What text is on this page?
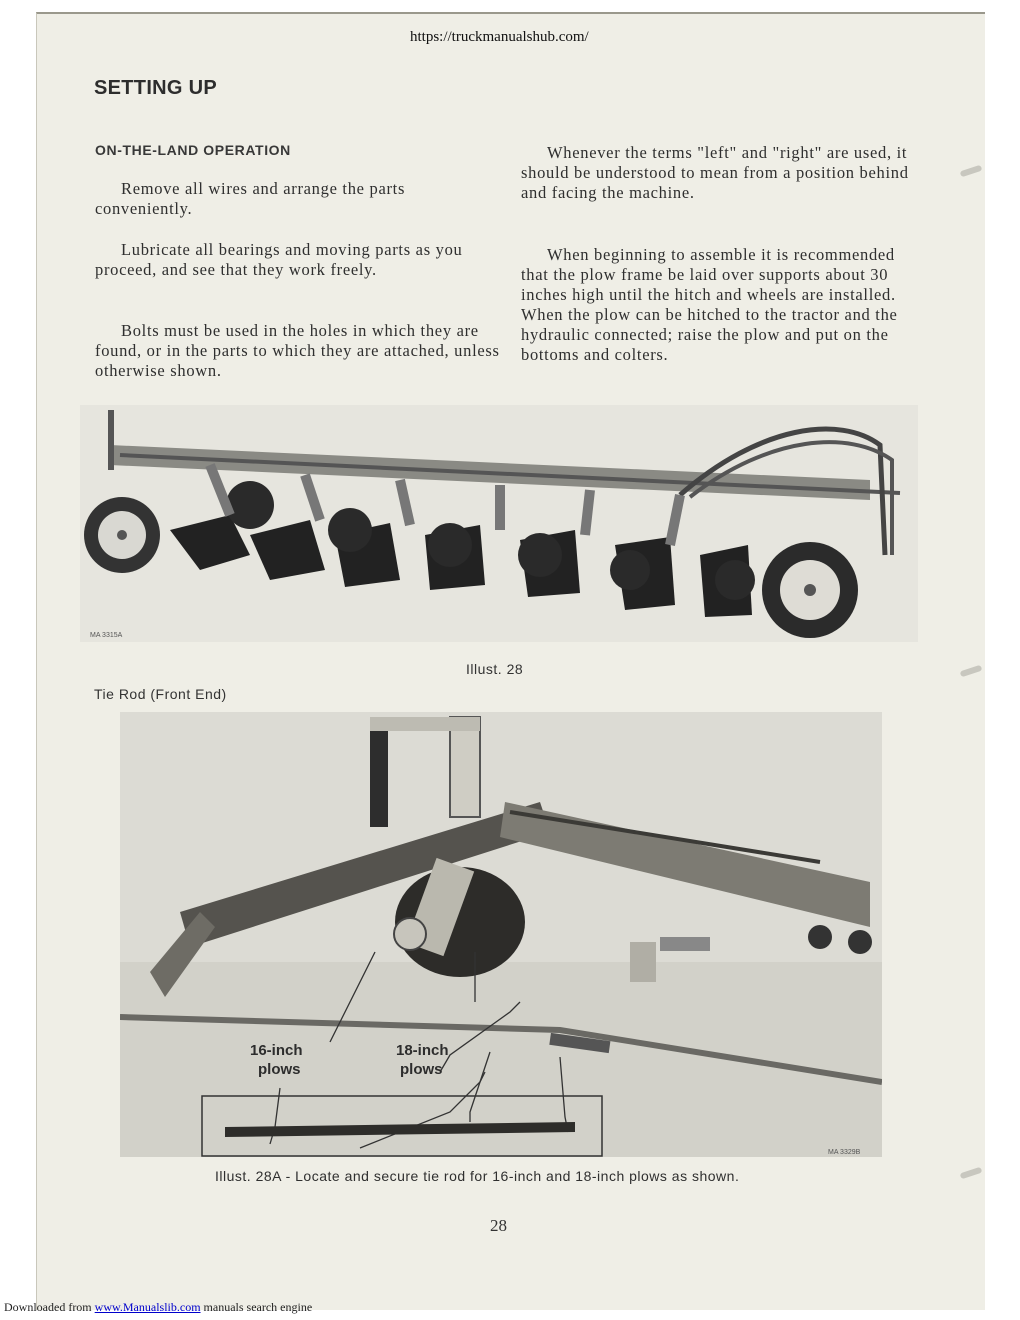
https://truckmanualshub.com/
SETTING UP
ON-THE-LAND OPERATION

Remove all wires and arrange the parts conveniently.

Lubricate all bearings and moving parts as you proceed, and see that they work freely.

Bolts must be used in the holes in which they are found, or in the parts to which they are attached, unless otherwise shown.

Whenever the terms "left" and "right" are used, it should be understood to mean from a position behind and facing the machine.

When beginning to assemble it is recommended that the plow frame be laid over supports about 30 inches high until the hitch and wheels are installed. When the plow can be hitched to the tractor and the hydraulic connected; raise the plow and put on the bottoms and colters.

MA 3315A
Illust. 28
Tie Rod (Front End)
16-inch
plows
18-inch
plows
MA 3329B
Illust. 28A - Locate and secure tie rod for 16-inch and 18-inch plows as shown.
28
Downloaded from www.Manualslib.com manuals search engine
